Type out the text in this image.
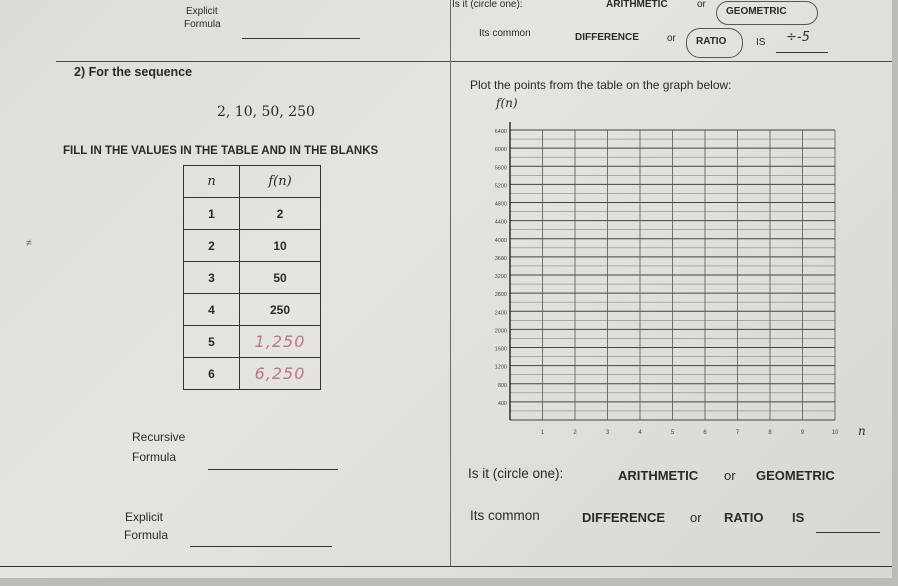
Explicit
Formula
Is it (circle one):	ARITHMETIC	or
GEOMETRIC
Its common	DIFFERENCE	or RATIO	IS ÷-5
2) For the sequence
2, 10, 50, 250
FILL IN THE VALUES IN THE TABLE AND IN THE BLANKS
n	f(n)
1	2
2	10
3	50
4	250
5	1,250
6	6,250
Recursive
Formula
Explicit
Formula
Plot the points from the table on the graph below:
f(n)
400
800
1200
1600
2000
2400
2800
3200
3600
4000
4400
4800
5200
5600
6000
6400
1	2	3	4	5	6	7	8	9	10 n
Is it (circle one):	ARITHMETIC or GEOMETRIC
Its common	DIFFERENCE or RATIO IS
≠
